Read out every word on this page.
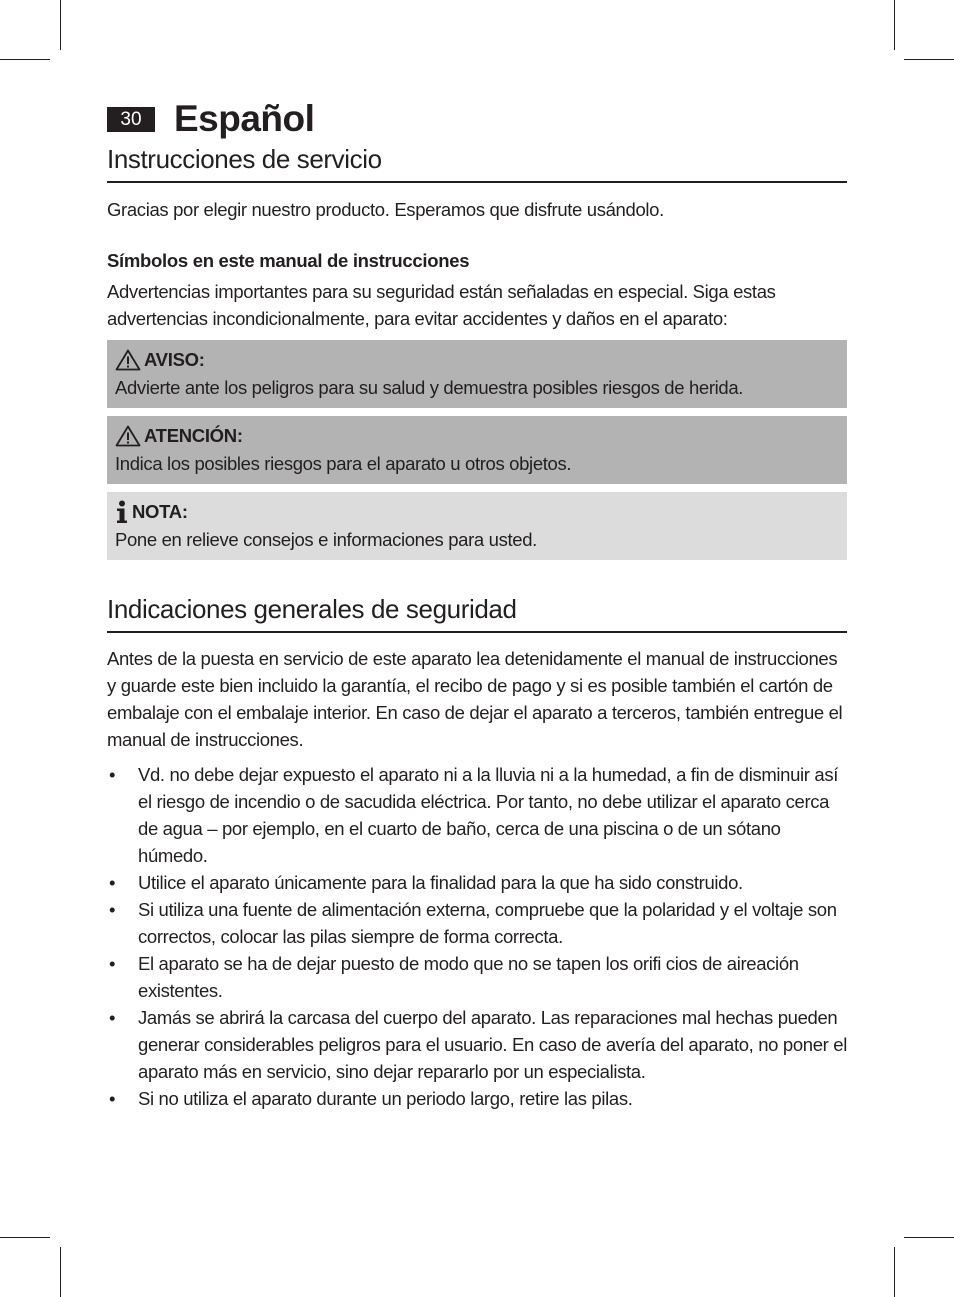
30 Español
Instrucciones de servicio

Gracias por elegir nuestro producto. Esperamos que disfrute usándolo.

Símbolos en este manual de instrucciones

Advertencias importantes para su seguridad están señaladas en especial. Siga estas advertencias incondicionalmente, para evitar accidentes y daños en el aparato:

AVISO:

Advierte ante los peligros para su salud y demuestra posibles riesgos de herida.

ATENCIÓN:

Indica los posibles riesgos para el aparato u otros objetos.

NOTA:

Pone en relieve consejos e informaciones para usted.

Indicaciones generales de seguridad

Antes de la puesta en servicio de este aparato lea detenidamente el manual de instrucciones y guarde este bien incluido la garantía, el recibo de pago y si es posible también el cartón de embalaje con el embalaje interior. En caso de dejar el aparato a terceros, también entregue el manual de instrucciones.

• Vd. no debe dejar expuesto el aparato ni a la lluvia ni a la humedad, a fin de disminuir así el riesgo de incendio o de sacudida eléctrica. Por tanto, no debe utilizar el aparato cerca de agua – por ejemplo, en el cuarto de baño, cerca de una piscina o de un sótano húmedo.
• Utilice el aparato únicamente para la finalidad para la que ha sido construido.
• Si utiliza una fuente de alimentación externa, compruebe que la polaridad y el voltaje son correctos, colocar las pilas siempre de forma correcta.
• El aparato se ha de dejar puesto de modo que no se tapen los orifi cios de aireación existentes.
• Jamás se abrirá la carcasa del cuerpo del aparato. Las reparaciones mal hechas pueden generar considerables peligros para el usuario. En caso de avería del aparato, no poner el aparato más en servicio, sino dejar repararlo por un especialista.
• Si no utiliza el aparato durante un periodo largo, retire las pilas.
